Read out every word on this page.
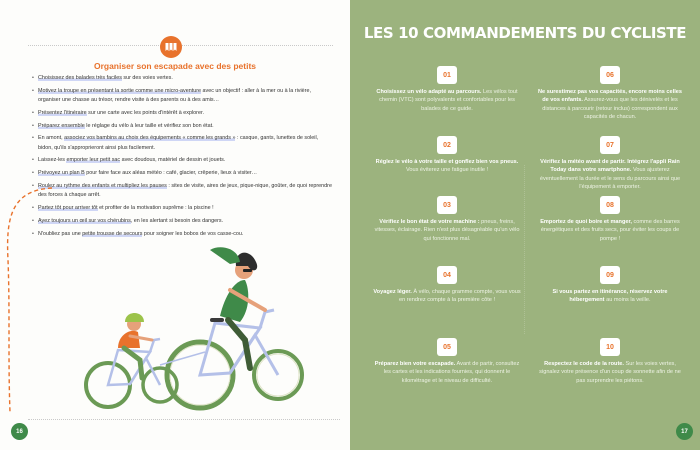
Organiser son escapade avec des petits
• Choisissez des balades très faciles sur des voies vertes.
• Motivez la troupe en présentant la sortie comme une micro-aventure avec un objectif : aller à la mer ou à la rivière, organiser une chasse au trésor, rendre visite à des parents ou à des amis…
• Présentez l'itinéraire sur une carte avec les points d'intérêt à explorer.
• Préparez ensemble le réglage du vélo à leur taille et vérifiez son bon état.
• En amont, associez vos bambins au choix des équipements « comme les grands » : casque, gants, lunettes de soleil, bidon, qu'ils s'approprieront ainsi plus facilement.
• Laissez-les emporter leur petit sac avec doudous, matériel de dessin et jouets.
• Prévoyez un plan B pour faire face aux aléas météo : café, glacier, crêperie, lieux à visiter…
• Roulez au rythme des enfants et multipliez les pauses : sites de visite, aires de jeux, pique-nique, goûter, de quoi reprendre des forces à chaque arrêt.
• Partez tôt pour arriver tôt et profiter de la motivation suprême : la piscine !
• Ayez toujours un œil sur vos chérubins, en les alertant si besoin des dangers.
• N'oubliez pas une petite trousse de secours pour soigner les bobos de vos casse-cou.
16
LES 10 COMMANDEMENTS DU CYCLISTE
01
Choisissez un vélo adapté au parcours. Les vélos tout chemin (VTC) sont polyvalents et confortables pour les balades de ce guide.
02
Réglez le vélo à votre taille et gonflez bien vos pneus. Vous éviterez une fatigue inutile !
03
Vérifiez le bon état de votre machine : pneus, freins, vitesses, éclairage. Rien n'est plus désagréable qu'un vélo qui fonctionne mal.
04
Voyagez léger. À vélo, chaque gramme compte, vous vous en rendrez compte à la première côte !
05
Préparez bien votre escapade. Avant de partir, consultez les cartes et les indications fournies, qui donnent le kilométrage et le niveau de difficulté.
06
Ne surestimez pas vos capacités, encore moins celles de vos enfants. Assurez-vous que les dénivelés et les distances à parcourir (retour inclus) correspondent aux capacités de chacun.
07
Vérifiez la météo avant de partir. Intégrez l'appli Rain Today dans votre smartphone. Vous ajusterez éventuellement la durée et le sens du parcours ainsi que l'équipement à emporter.
08
Emportez de quoi boire et manger, comme des barres énergétiques et des fruits secs, pour éviter les coups de pompe !
09
Si vous partez en itinérance, réservez votre hébergement au moins la veille.
10
Respectez le code de la route. Sur les voies vertes, signalez votre présence d'un coup de sonnette afin de ne pas surprendre les piétons.
17
